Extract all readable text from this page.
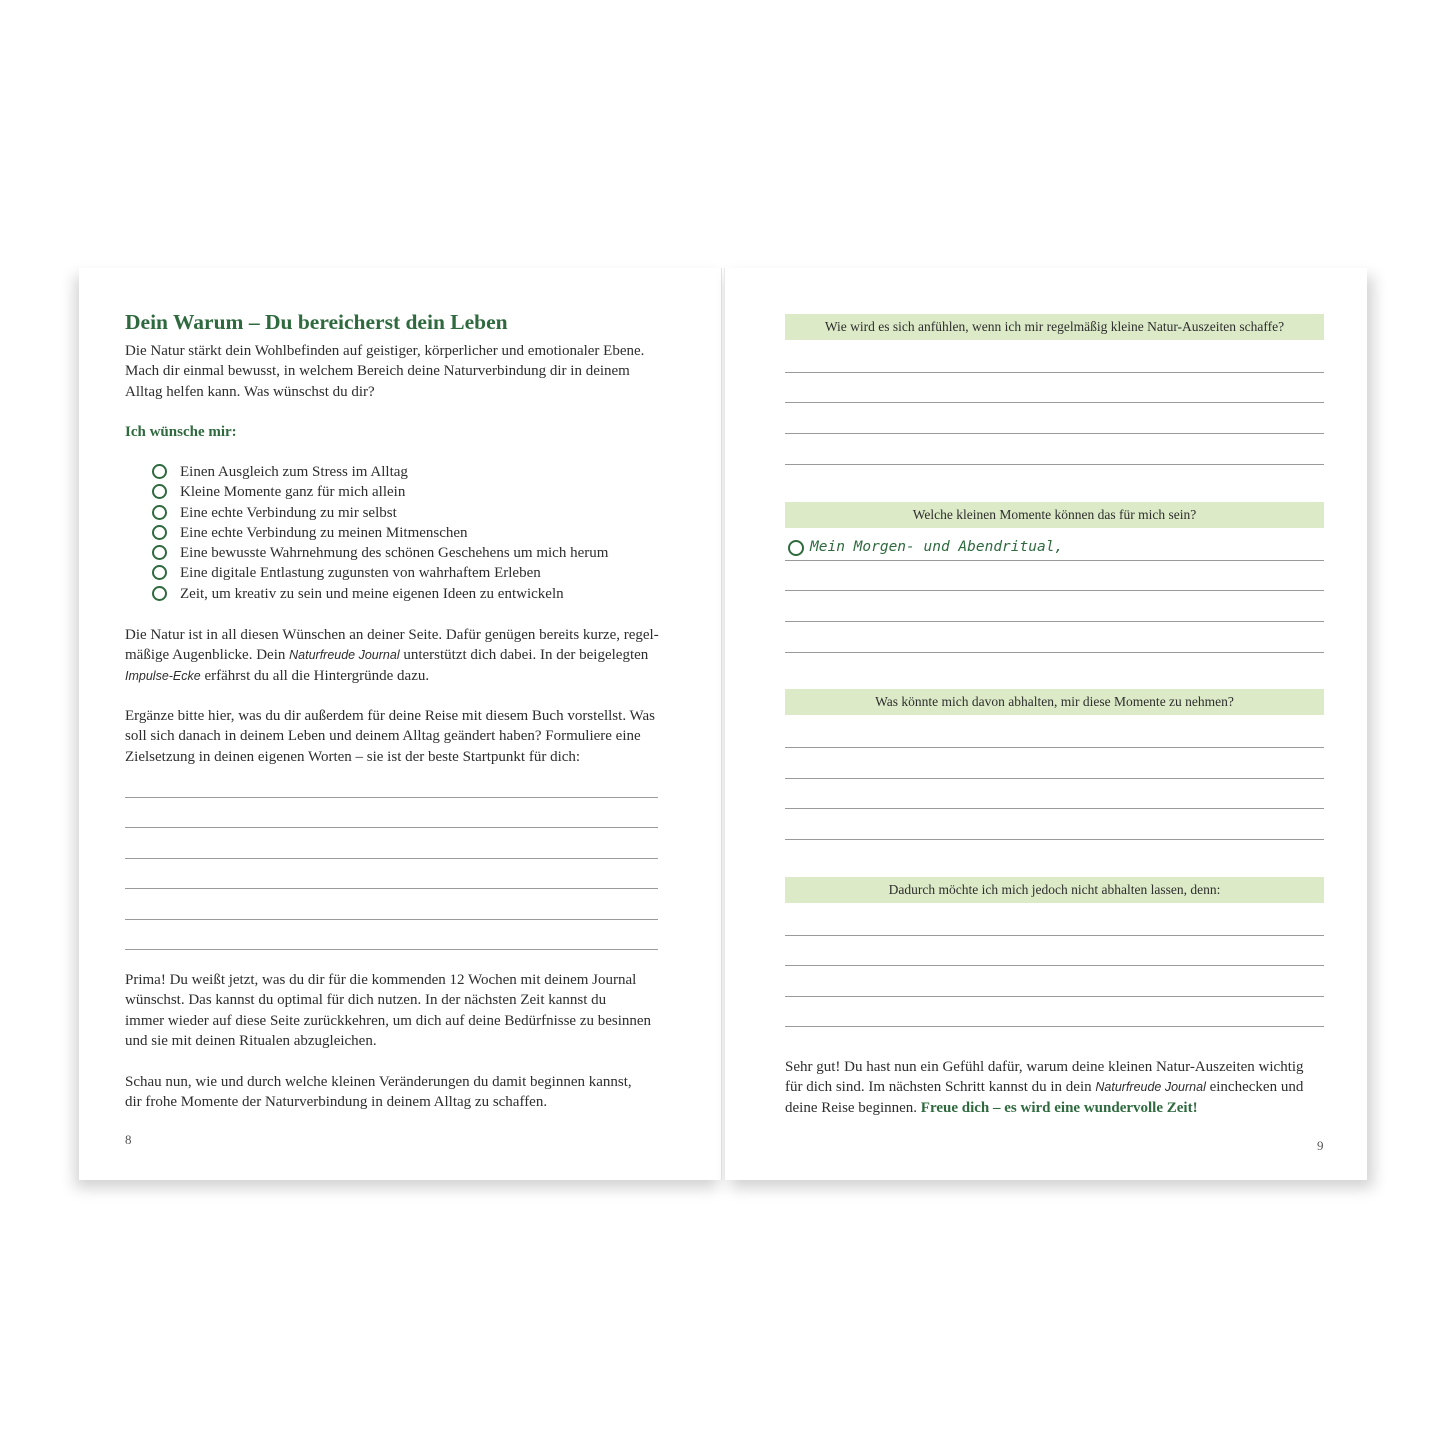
Dein Warum – Du bereicherst dein Leben
Die Natur stärkt dein Wohlbefinden auf geistiger, körperlicher und emotionaler Ebene.
Mach dir einmal bewusst, in welchem Bereich deine Naturverbindung dir in deinem
Alltag helfen kann. Was wünschst du dir?
Ich wünsche mir:
Einen Ausgleich zum Stress im Alltag
Kleine Momente ganz für mich allein
Eine echte Verbindung zu mir selbst
Eine echte Verbindung zu meinen Mitmenschen
Eine bewusste Wahrnehmung des schönen Geschehens um mich herum
Eine digitale Entlastung zugunsten von wahrhaftem Erleben
Zeit, um kreativ zu sein und meine eigenen Ideen zu entwickeln
Die Natur ist in all diesen Wünschen an deiner Seite. Dafür genügen bereits kurze, regel-
mäßige Augenblicke. Dein Naturfreude Journal unterstützt dich dabei. In der beigelegten
Impulse-Ecke erfährst du all die Hintergründe dazu.
Ergänze bitte hier, was du dir außerdem für deine Reise mit diesem Buch vorstellst. Was
soll sich danach in deinem Leben und deinem Alltag geändert haben? Formuliere eine
Zielsetzung in deinen eigenen Worten – sie ist der beste Startpunkt für dich:
Prima! Du weißt jetzt, was du dir für die kommenden 12 Wochen mit deinem Journal
wünschst. Das kannst du optimal für dich nutzen. In der nächsten Zeit kannst du
immer wieder auf diese Seite zurückkehren, um dich auf deine Bedürfnisse zu besinnen
und sie mit deinen Ritualen abzugleichen.
Schau nun, wie und durch welche kleinen Veränderungen du damit beginnen kannst,
dir frohe Momente der Naturverbindung in deinem Alltag zu schaffen.
8
Wie wird es sich anfühlen, wenn ich mir regelmäßig kleine Natur-Auszeiten schaffe?
Welche kleinen Momente können das für mich sein?
Mein Morgen- und Abendritual,
Was könnte mich davon abhalten, mir diese Momente zu nehmen?
Dadurch möchte ich mich jedoch nicht abhalten lassen, denn:
Sehr gut! Du hast nun ein Gefühl dafür, warum deine kleinen Natur-Auszeiten wichtig
für dich sind. Im nächsten Schritt kannst du in dein Naturfreude Journal einchecken und
deine Reise beginnen. Freue dich – es wird eine wundervolle Zeit!
9
